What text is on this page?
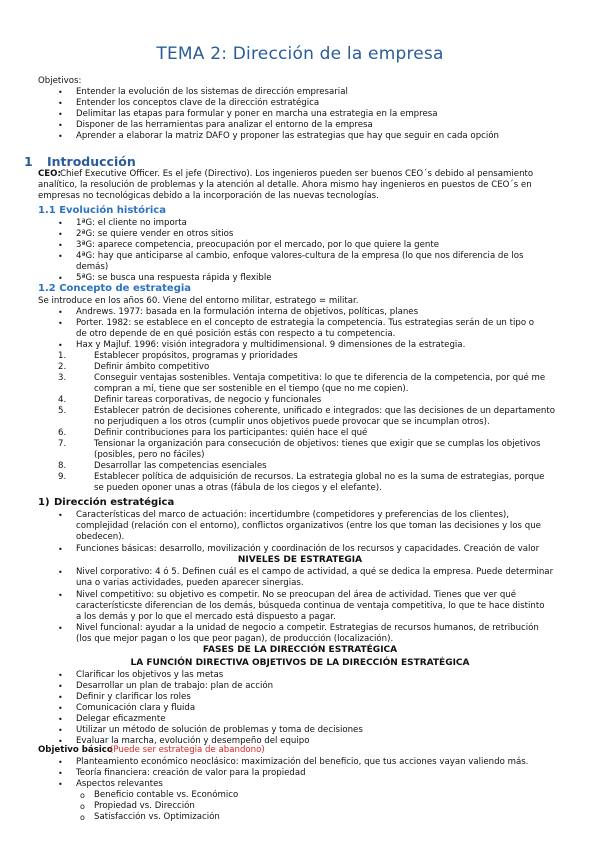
TEMA 2: Dirección de la empresa
Objetivos:
1 Introducción
CEO: Chief Executive Officer. Es el jefe (Directivo). Los ingenieros pueden ser buenos CEO´s debido al pensamiento
analítico, la resolución de problemas y la atención al detalle. Ahora mismo hay ingenieros en puestos de CEO´s en
empresas no tecnológicas debido a la incorporación de las nuevas tecnologías.
1.1 Evolución histórica
1.2 Concepto de estrategia
Se introduce en los años 60. Viene del entorno militar, estratego = militar.
1) Dirección estratégica
NIVELES DE ESTRATEGIA
FASES DE LA DIRECCIÓN ESTRATÉGICA
LA FUNCIÓN DIRECTIVA OBJETIVOS DE LA DIRECCIÓN ESTRATÉGICA
Objetivo básico
(Puede ser estrategia de abandono)
• Entender la evolución de los sistemas de dirección empresarial
• Entender los conceptos clave de la dirección estratégica
• Delimitar las etapas para formular y poner en marcha una estrategia en la empresa
• Disponer de las herramientas para analizar el entorno de la empresa
• Aprender a elaborar la matriz DAFO y proponer las estrategias que hay que seguir en cada opción
• 1ªG: el cliente no importa
• 2ªG: se quiere vender en otros sitios
• 3ªG: aparece competencia, preocupación por el mercado, por lo que quiere la gente
• 4ªG: hay que anticiparse al cambio, enfoque valores-cultura de la empresa (lo que nos diferencia de los
demás)
• 5ªG: se busca una respuesta rápida y flexible
• Andrews. 1977: basada en la formulación interna de objetivos, políticas, planes
• Porter. 1982: se establece en el concepto de estrategia la competencia. Tus estrategias serán de un tipo o
de otro depende de en qué posición estás con respecto a tu competencia.
• Hax y Majluf. 1996: visión integradora y multidimensional. 9 dimensiones de la estrategia.
1.	Establecer propósitos, programas y prioridades
2.	Definir ámbito competitivo
3.	Conseguir ventajas sostenibles. Ventaja competitiva: lo que te diferencia de la competencia, por qué me
compran a mí, tiene que ser sostenible en el tiempo (que no me copien).
4.	Definir tareas corporativas, de negocio y funcionales
5.	Establecer patrón de decisiones coherente, unificado e integrados: que las decisiones de un departamento
no perjudiquen a los otros (cumplir unos objetivos puede provocar que se incumplan otros).
6.	Definir contribuciones para los participantes: quién hace el qué
7.	Tensionar la organización para consecución de objetivos: tienes que exigir que se cumplas los objetivos
(posibles, pero no fáciles)
8.	Desarrollar las competencias esenciales
9.	Establecer política de adquisición de recursos. La estrategia global no es la suma de estrategias, porque
se pueden oponer unas a otras (fábula de los ciegos y el elefante).
• Características del marco de actuación: incertidumbre (competidores y preferencias de los clientes),
complejidad (relación con el entorno), conflictos organizativos (entre los que toman las decisiones y los que
obedecen).
• Funciones básicas: desarrollo, movilización y coordinación de los recursos y capacidades. Creación de valor
• Nivel corporativo: 4 ó 5. Definen cuál es el campo de actividad, a qué se dedica la empresa. Puede determinar
una o varias actividades, pueden aparecer sinergias.
• Nivel competitivo: su objetivo es competir. No se preocupan del área de actividad. Tienes que ver qué
característicste diferencian de los demás, búsqueda continua de ventaja competitiva, lo que te hace distinto
a los demás y por lo que el mercado está dispuesto a pagar.
• Nivel funcional: ayudar a la unidad de negocio a competir. Estrategias de recursos humanos, de retribución
(los que mejor pagan o los que peor pagan), de producción (localización).
• Clarificar los objetivos y las metas
• Desarrollar un plan de trabajo: plan de acción
• Definir y clarificar los roles
• Comunicación clara y fluida
• Delegar eficazmente
• Utilizar un método de solución de problemas y toma de decisiones
• Evaluar la marcha, evolución y desempeño del equipo
• Planteamiento económico neoclásico: maximización del beneficio, que tus acciones vayan valiendo más.
• Teoría financiera: creación de valor para la propiedad
• Aspectos relevantes
o Beneficio contable vs. Económico
o Propiedad vs. Dirección
o Satisfacción vs. Optimización
